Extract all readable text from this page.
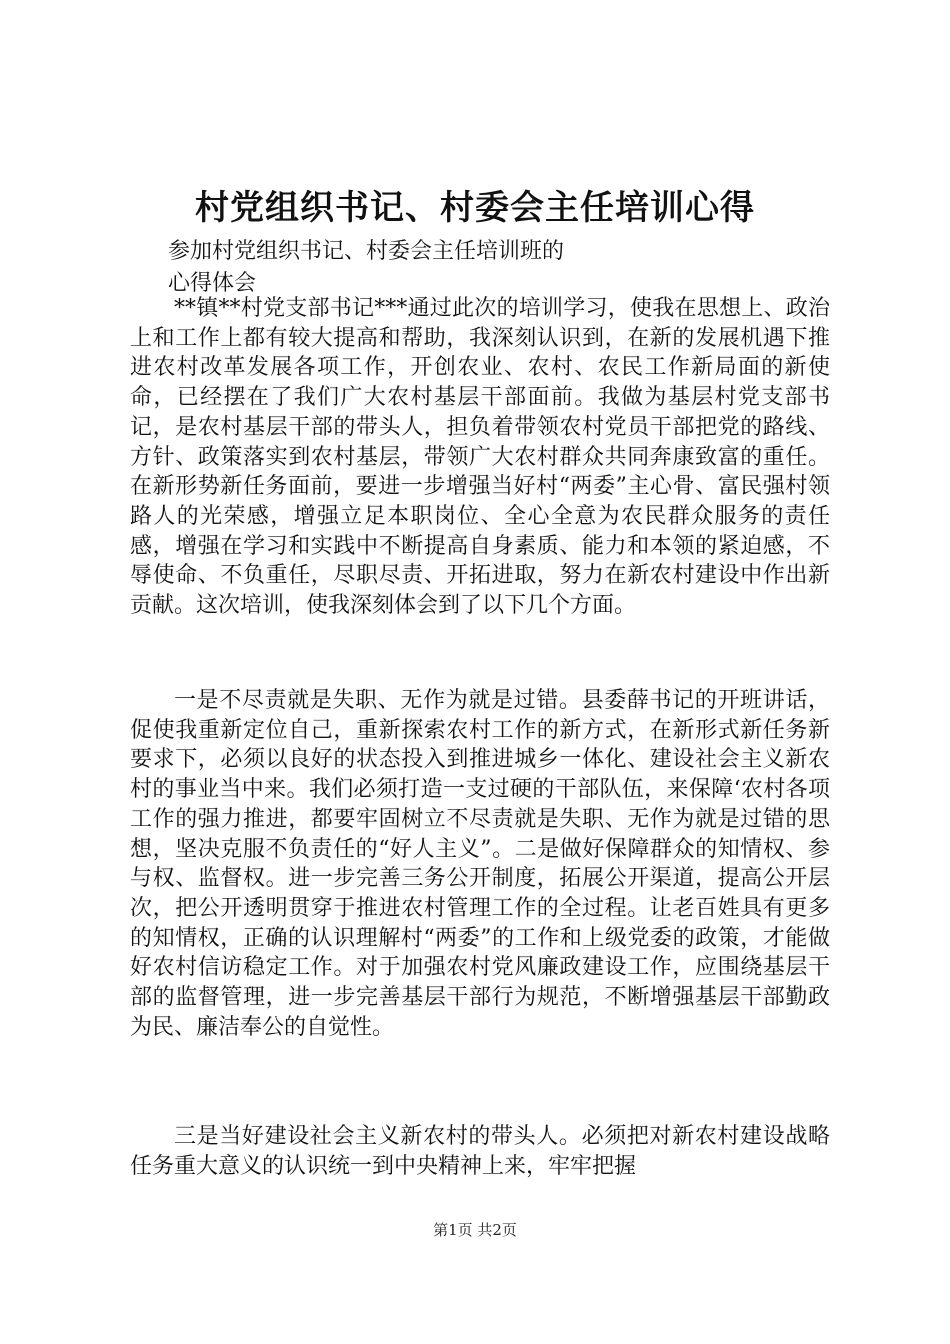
村党组织书记、村委会主任培训心得
参加村党组织书记、村委会主任培训班的
心得体会

**镇**村党支部书记***通过此次的培训学习，使我在思想上、政治上和工作上都有较大提高和帮助，我深刻认识到，在新的发展机遇下推进农村改革发展各项工作，开创农业、农村、农民工作新局面的新使命，已经摆在了我们广大农村基层干部面前。我做为基层村党支部书记，是农村基层干部的带头人，担负着带领农村党员干部把党的路线、方针、政策落实到农村基层，带领广大农村群众共同奔康致富的重任。在新形势新任务面前，要进一步增强当好村“两委”主心骨、富民强村领路人的光荣感，增强立足本职岗位、全心全意为农民群众服务的责任感，增强在学习和实践中不断提高自身素质、能力和本领的紧迫感，不辱使命、不负重任，尽职尽责、开拓进取，努力在新农村建设中作出新贡献。这次培训，使我深刻体会到了以下几个方面。

一是不尽责就是失职、无作为就是过错。县委薛书记的开班讲话，促使我重新定位自己，重新探索农村工作的新方式，在新形式新任务新要求下，必须以良好的状态投入到推进城乡一体化、建设社会主义新农村的事业当中来。我们必须打造一支过硬的干部队伍，来保障‘农村各项工作的强力推进，都要牢固树立不尽责就是失职、无作为就是过错的思想，坚决克服不负责任的“好人主义”。二是做好保障群众的知情权、参与权、监督权。进一步完善三务公开制度，拓展公开渠道，提高公开层次，把公开透明贯穿于推进农村管理工作的全过程。让老百姓具有更多的知情权，正确的认识理解村“两委”的工作和上级党委的政策，才能做好农村信访稳定工作。对于加强农村党风廉政建设工作，应围绕基层干部的监督管理，进一步完善基层干部行为规范，不断增强基层干部勤政为民、廉洁奉公的自觉性。

三是当好建设社会主义新农村的带头人。必须把对新农村建设战略任务重大意义的认识统一到中央精神上来，牢牢把握

第1页 共2页
